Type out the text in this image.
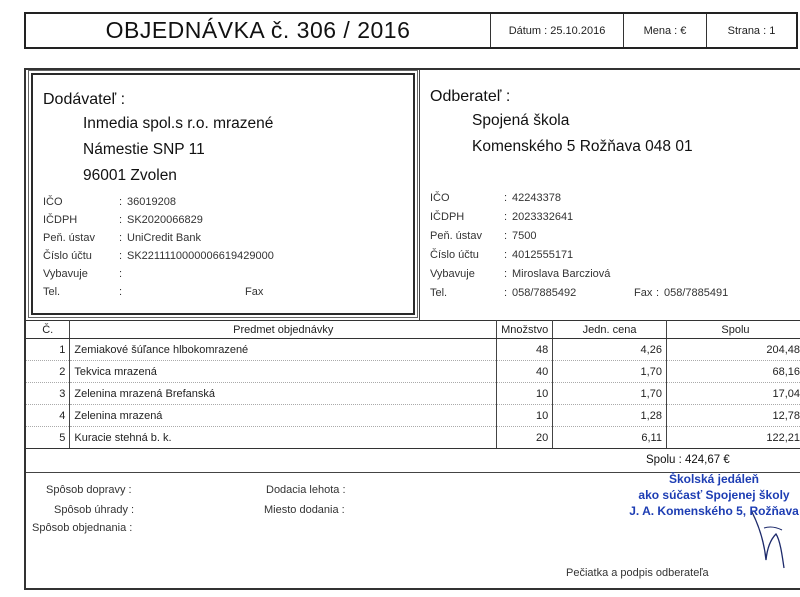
OBJEDNÁVKA č. 306 / 2016	Dátum : 25.10.2016	Mena : €	Strana : 1
Dodávateľ :
Inmedia spol.s r.o. mrazené
Námestie SNP 11
96001 Zvolen
IČO	: 36019208
IČDPH	: SK2020066829
Peň. ústav : UniCredit Bank
Číslo účtu : SK2211110000006619429000
Vybavuje	:
Tel.	:	Fax
Odberateľ :
Spojená škola
Komenského 5 Rožňava 048 01
IČO	: 42243378
IČDPH	: 2023332641
Peň. ústav : 7500
Číslo účtu : 4012555171
Vybavuje	: Miroslava Barcziová
Tel.	: 058/7885492	Fax : 058/7885491
Č.	Predmet objednávky	Množstvo	Jedn. cena	Spolu
1	Zemiakové šúľance hlbokomrazené	48	4,26	204,48
2	Tekvica mrazená	40	1,70	68,16
3	Zelenina mrazená Brefanská	10	1,70	17,04
4	Zelenina mrazená	10	1,28	12,78
5	Kuracie stehná b. k.	20	6,11	122,21
Spolu : 424,67 €
Spôsob dopravy :	Dodacia lehota :
Spôsob úhrady :	Miesto dodania :
Spôsob objednania :
Školská jedáleň
ako súčasť Spojenej školy
J. A. Komenského 5, Rožňava
Pečiatka a podpis odberateľa
